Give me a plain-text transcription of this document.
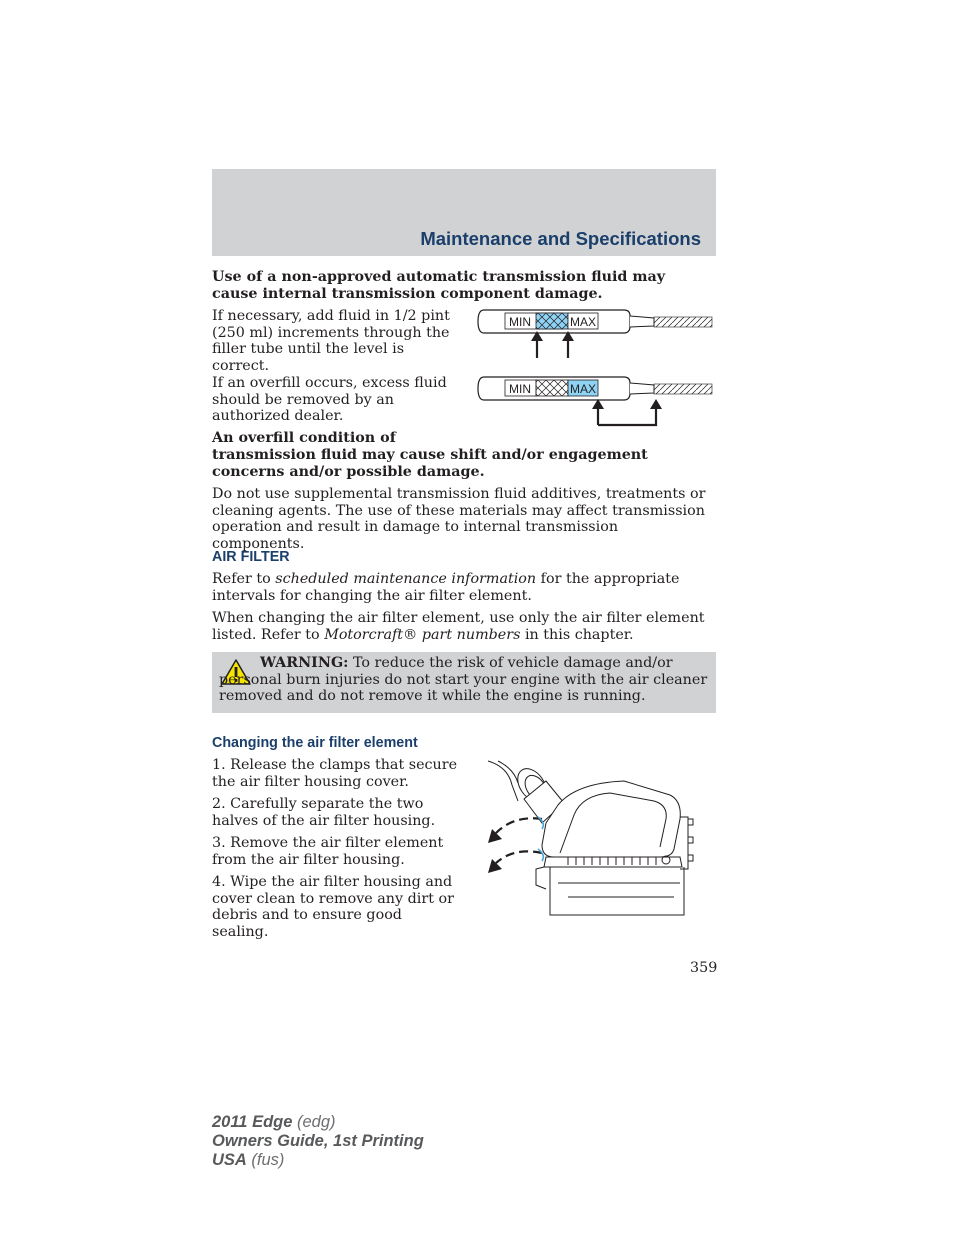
Maintenance and Specifications

Use of a non-approved automatic transmission fluid may cause internal transmission component damage.

If necessary, add fluid in 1/2 pint (250 ml) increments through the filler tube until the level is correct.

If an overfill occurs, excess fluid should be removed by an authorized dealer.

An overfill condition of

transmission fluid may cause shift and/or engagement concerns and/or possible damage.

Do not use supplemental transmission fluid additives, treatments or cleaning agents. The use of these materials may affect transmission operation and result in damage to internal transmission components.

MIN	MAX
MIN	MAX

AIR FILTER

Refer to scheduled maintenance information for the appropriate intervals for changing the air filter element.

When changing the air filter element, use only the air filter element listed. Refer to Motorcraft® part numbers in this chapter.

WARNING: To reduce the risk of vehicle damage and/or personal burn injuries do not start your engine with the air cleaner removed and do not remove it while the engine is running.

Changing the air filter element

1. Release the clamps that secure the air filter housing cover.

2. Carefully separate the two halves of the air filter housing.

3. Remove the air filter element from the air filter housing.

4. Wipe the air filter housing and cover clean to remove any dirt or debris and to ensure good sealing.

359
2011 Edge (edg)
Owners Guide, 1st Printing
USA (fus)
